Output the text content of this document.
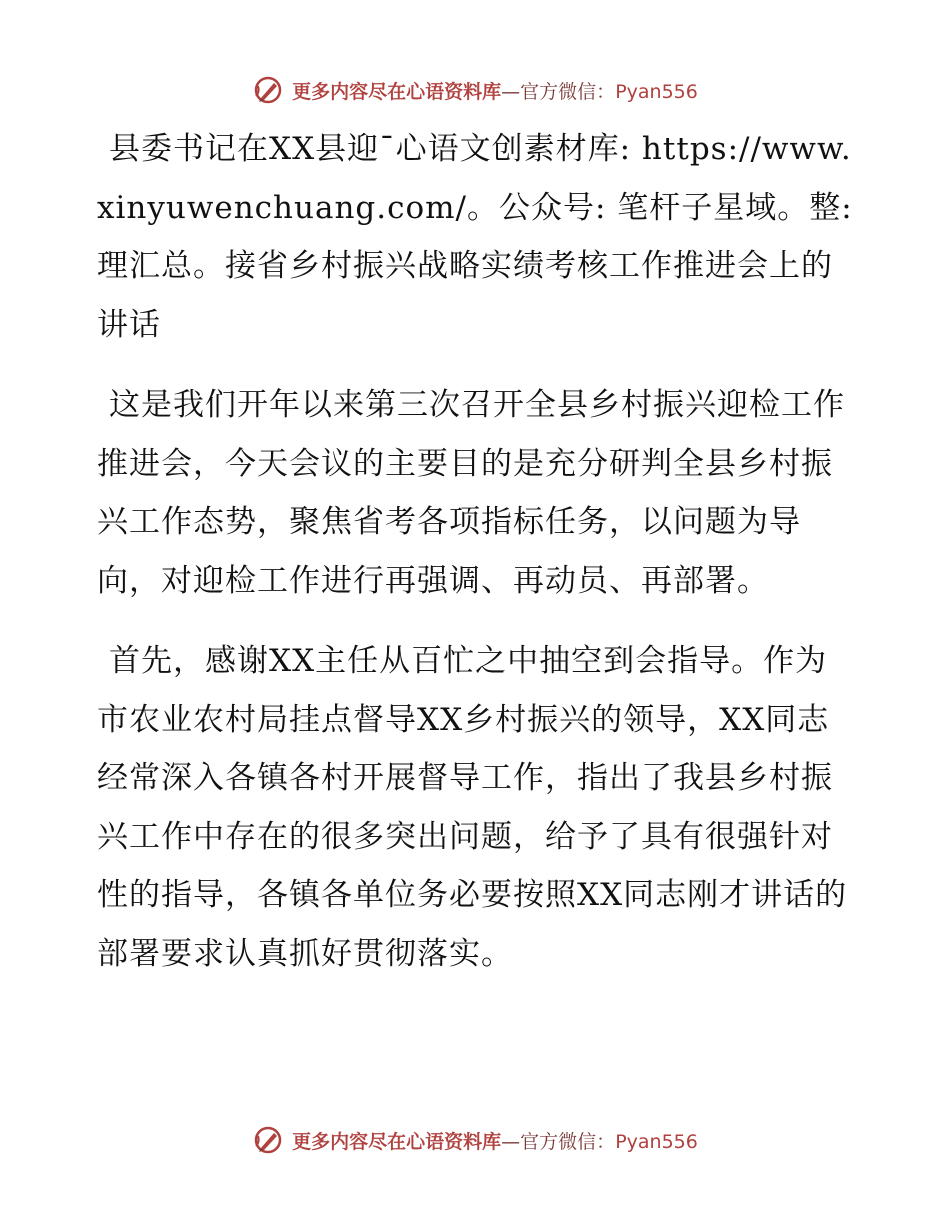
更多内容尽在心语资料库—官方微信：Pyan556

县委书记在XX县迎¯心语文创素材库: https://www.xinyuwenchuang.com/。公众号: 笔杆子星域。整:理汇总。接省乡村振兴战略实绩考核工作推进会上的讲话

这是我们开年以来第三次召开全县乡村振兴迎检工作推进会，今天会议的主要目的是充分研判全县乡村振兴工作态势，聚焦省考各项指标任务，以问题为导向，对迎检工作进行再强调、再动员、再部署。

首先，感谢XX主任从百忙之中抽空到会指导。作为市农业农村局挂点督导XX乡村振兴的领导，XX同志经常深入各镇各村开展督导工作，指出了我县乡村振兴工作中存在的很多突出问题，给予了具有很强针对性的指导，各镇各单位务必要按照XX同志刚才讲话的部署要求认真抓好贯彻落实。

更多内容尽在心语资料库—官方微信：Pyan556
